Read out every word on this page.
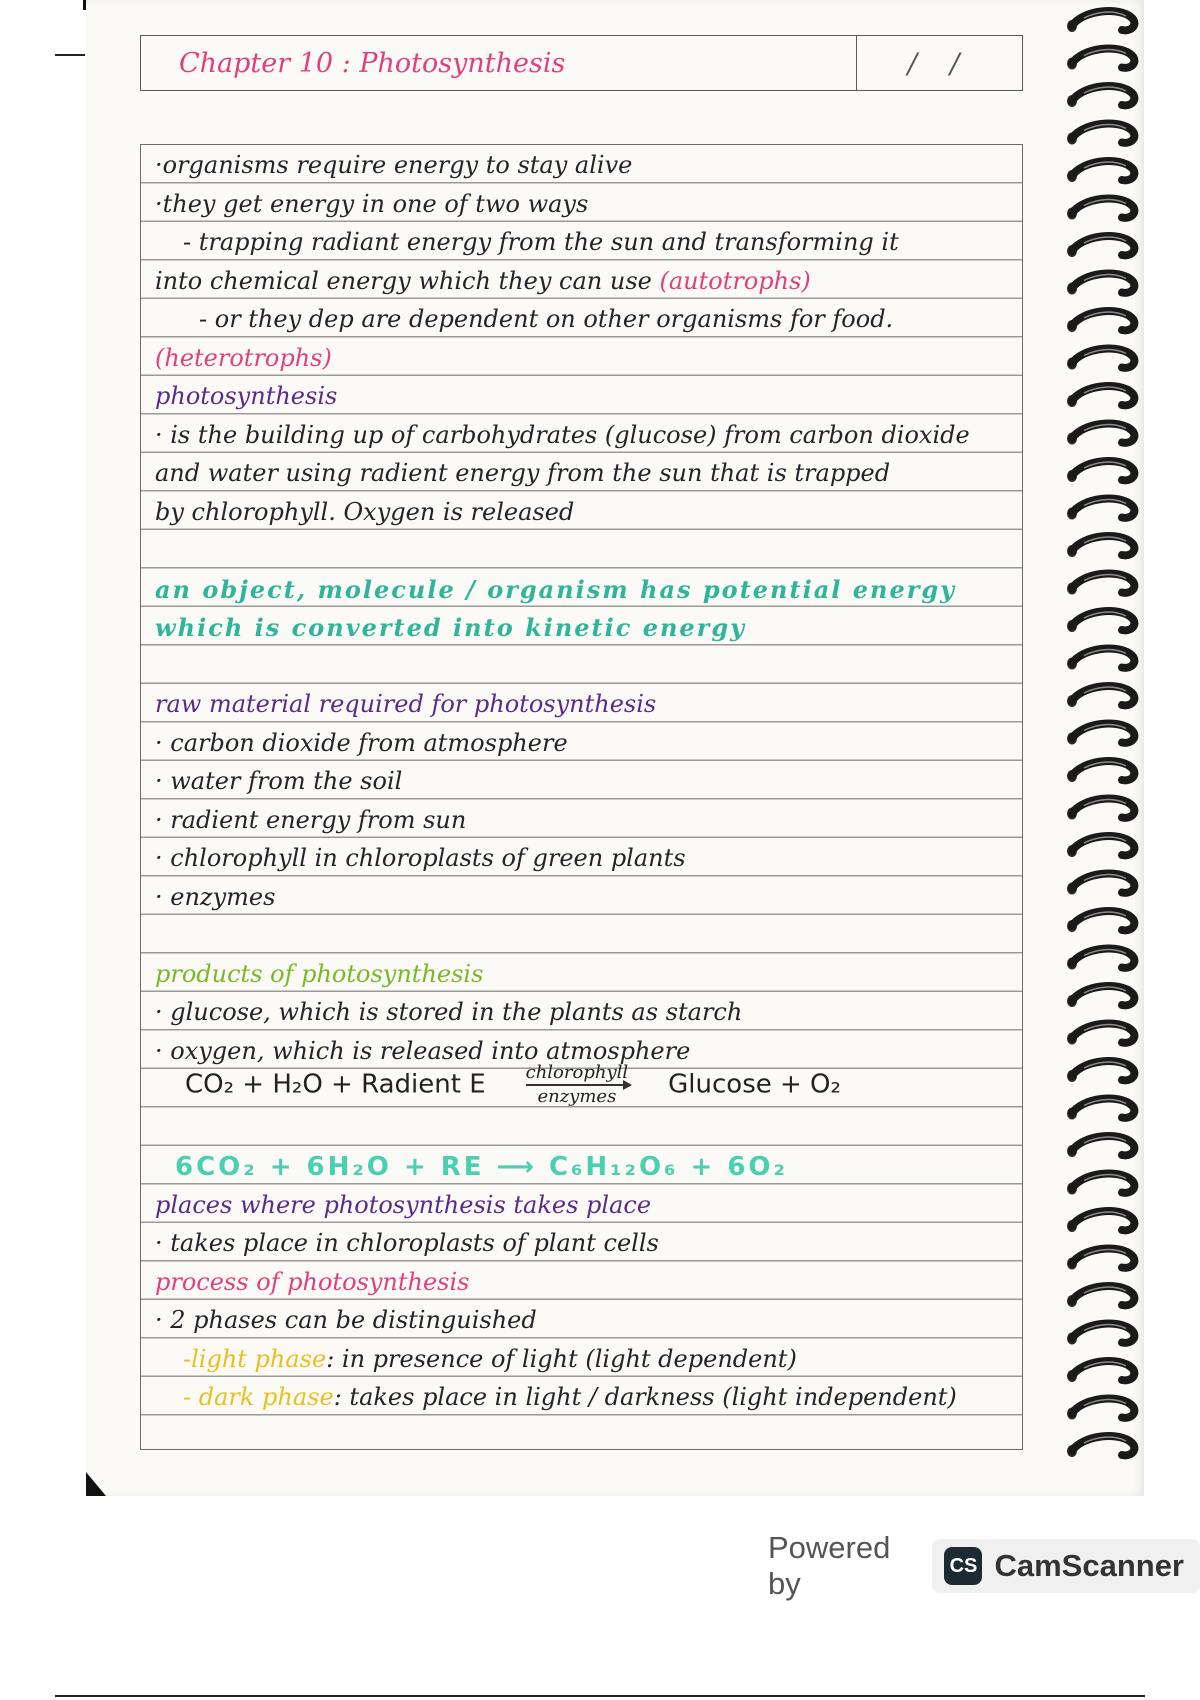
Chapter 10 : Photosynthesis	/ /
·organisms require energy to stay alive
·they get energy in one of two ways
- trapping radiant energy from the sun and transforming it
into chemical energy which they can use (autotrophs)
- or they dep are dependent on other organisms for food.
(heterotrophs)
photosynthesis
· is the building up of carbohydrates (glucose) from carbon dioxide
and water using radient energy from the sun that is trapped
by chlorophyll. Oxygen is released
an object, molecule / organism has potential energy
which is converted into kinetic energy
raw material required for photosynthesis
· carbon dioxide from atmosphere
· water from the soil
· radient energy from sun
· chlorophyll in chloroplasts of green plants
· enzymes
products of photosynthesis
· glucose, which is stored in the plants as starch
· oxygen, which is released into atmosphere
CO₂ + H₂O + Radient E chlorophyll
enzymes	Glucose + O₂
6CO₂ + 6H₂O + RE ⟶ C₆H₁₂O₆ + 6O₂
places where photosynthesis takes place
· takes place in chloroplasts of plant cells
process of photosynthesis
· 2 phases can be distinguished
-light phase: in presence of light (light dependent)
- dark phase: takes place in light / darkness (light independent)
Powered by
CS CamScanner
